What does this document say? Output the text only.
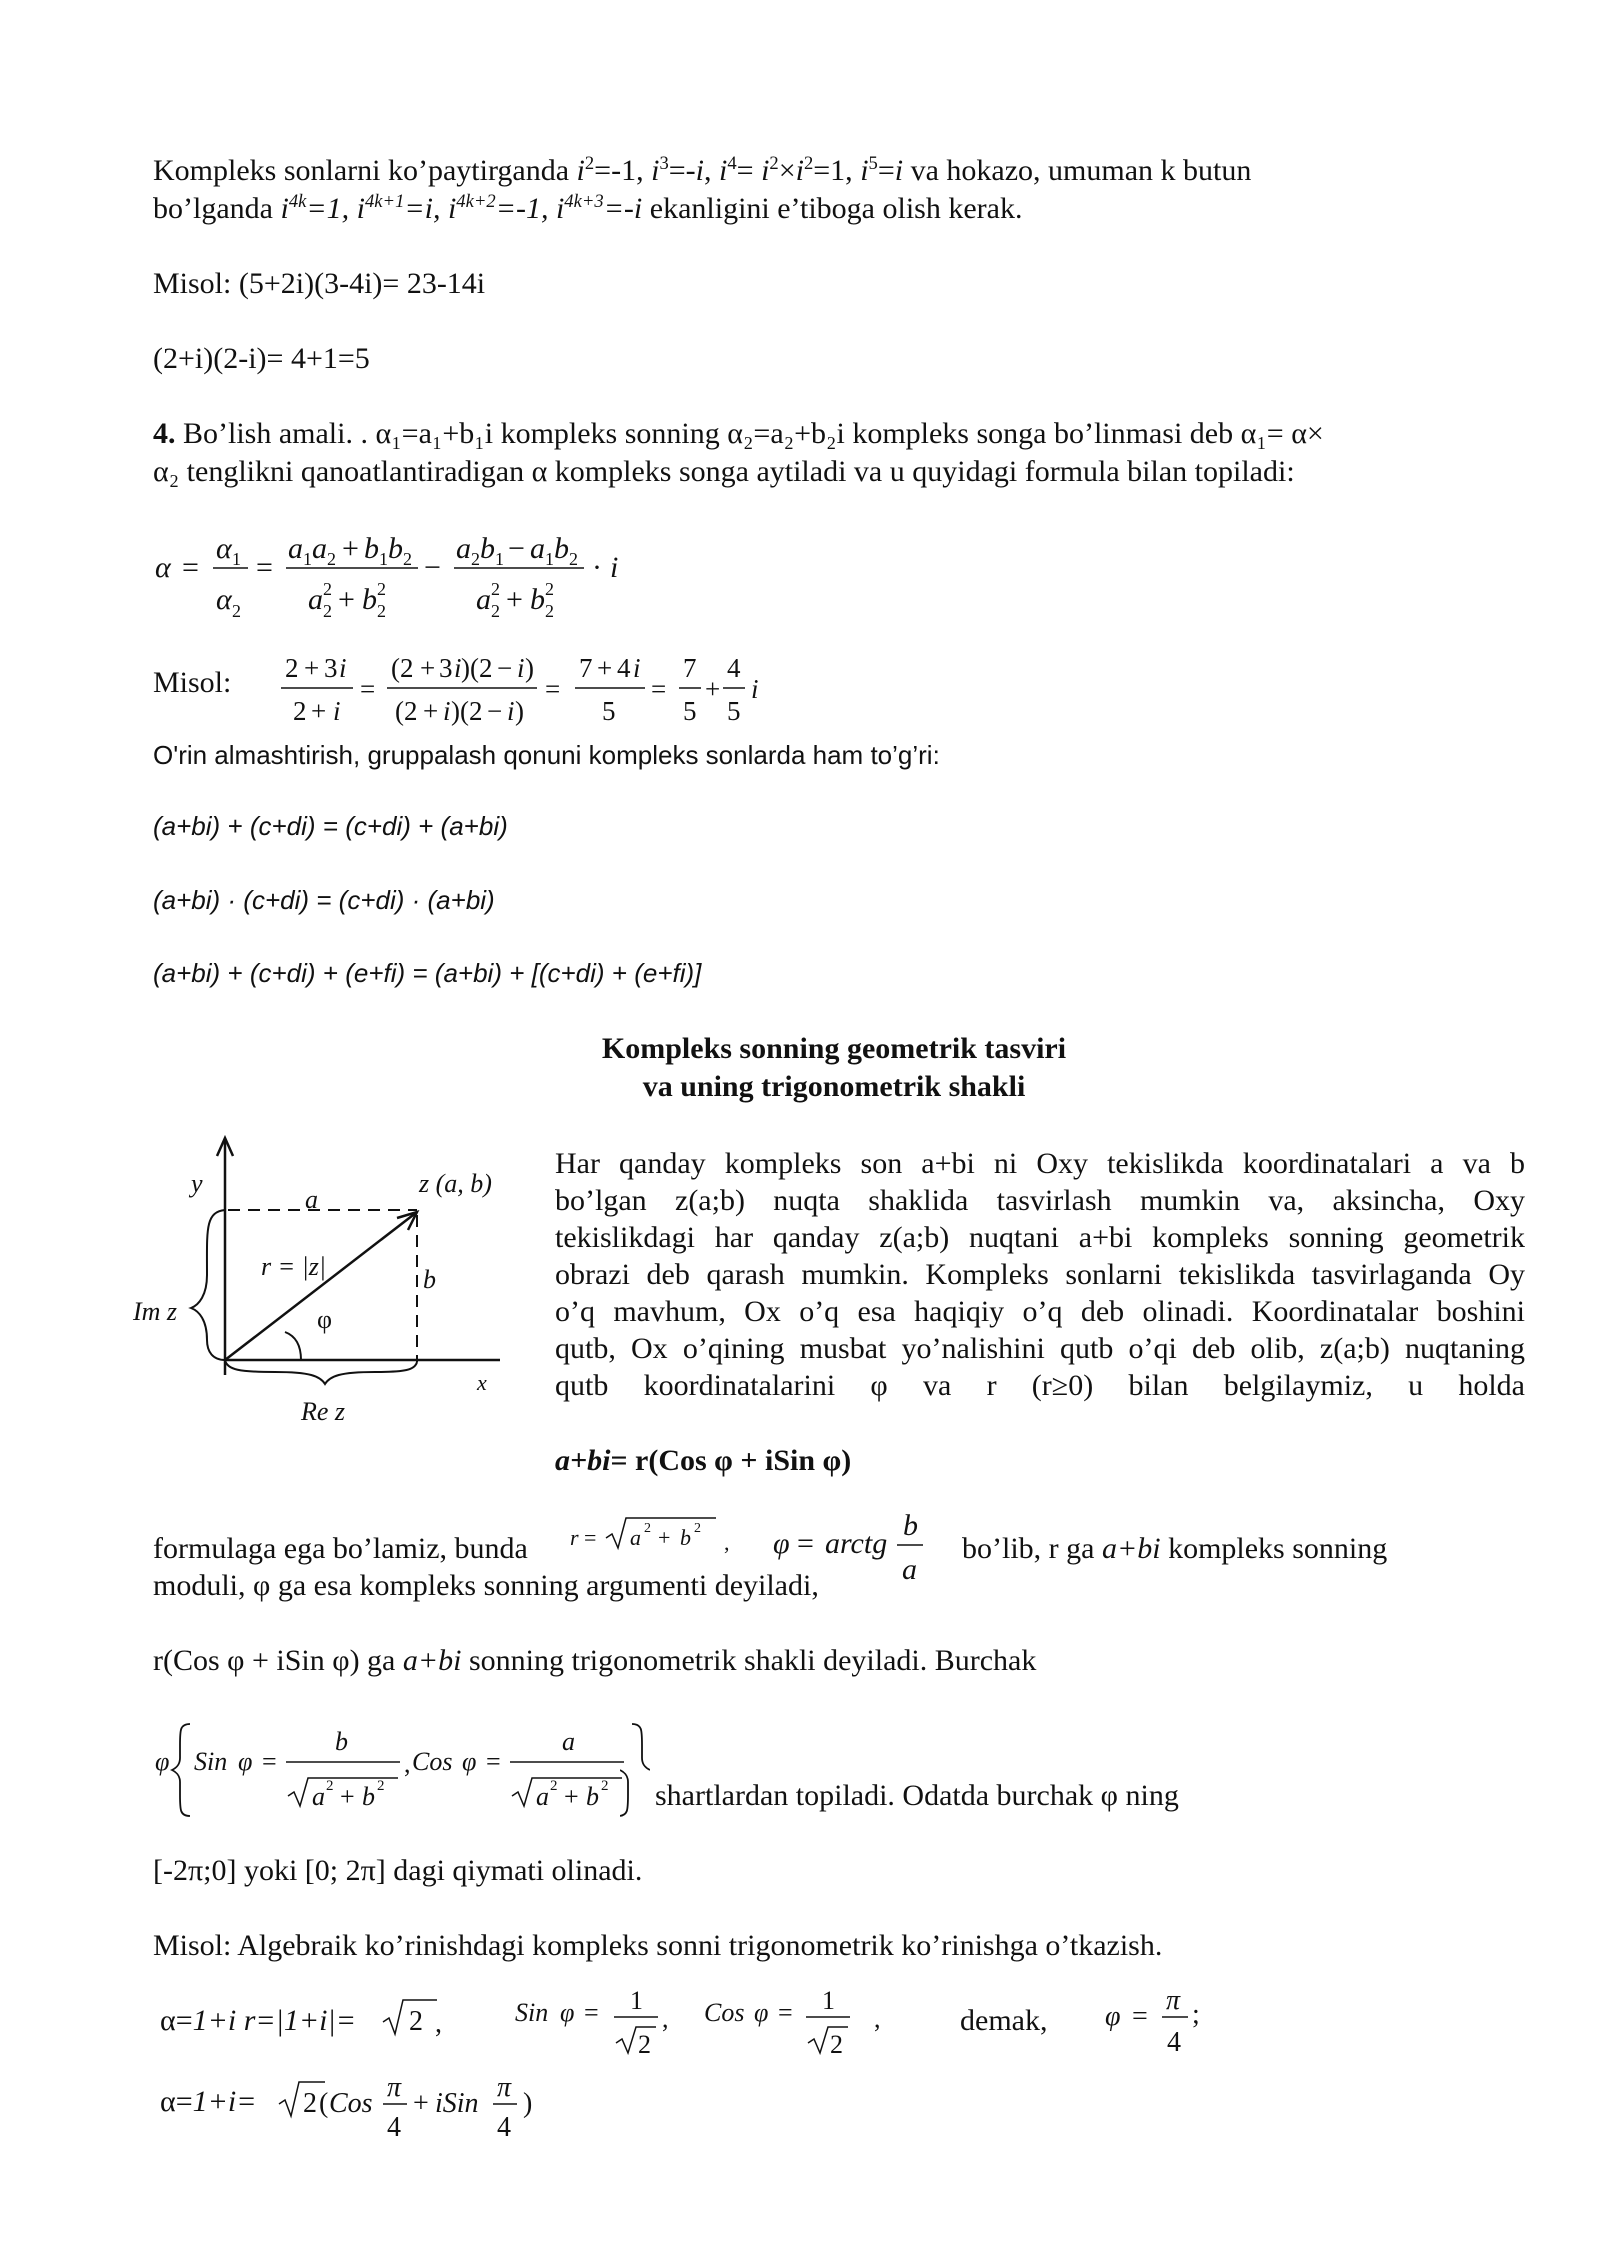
Kompleks sonlarni ko’paytirganda $i^2=-1$, $i^3=-i$, $i^4= i^2\times i^2=1$, $i^5=i$ va hokazo, umuman k butun
bo’lganda $i^{4k}=1$, $i^{4k+1}=i$, $i^{4k+2}=-1$, $i^{4k+3}=-i$ ekanligini e’tiboga olish kerak.
Misol: (5+2i)(3-4i)= 23-14i
(2+i)(2-i)= 4+1=5
4. Bo’lish amali. . α₁=a₁+b₁i kompleks sonning α₂=a₂+b₂i kompleks songa bo’linmasi deb α₁= α×
α₂ tenglikni qanoatlantiradigan α kompleks songa aytiladi va u quyidagi formula bilan topiladi:
α =
α 1
α 2
=
a 1 a 2 + b 1 b 2
a 2
2 + b 2
2
−
a 2 b 1 − a 1 b 2
a 2
2 + b 2
2
· i
Misol: 2 + 3 i
2 + i
=
(2 + 3 i )(2 − i )
(2 + i )(2 − i )
=
7 + 4 i
5
=
7
5
+
4
5
i
O'rin almashtirish, gruppalash qonuni kompleks sonlarda ham to’g’ri:
(a+bi) + (c+di) = (c+di) + (a+bi)
(a+bi) · (c+di) = (c+di) · (a+bi)
(a+bi) + (c+di) + (e+fi) = (a+bi) + [(c+di) + (e+fi)]
Kompleks sonning geometrik tasviri
va uning trigonometrik shakli
y
a
z (a, b)
r = |z|	b
φ
Im z
Re z
x
Har qanday kompleks son a+bi ni Oxy tekislikda koordinatalari a va b
bo’lgan z(a;b) nuqta shaklida tasvirlash mumkin va, aksincha, Oxy
tekislikdagi har qanday z(a;b) nuqtani a+bi kompleks sonning geometrik
obrazi deb qarash mumkin. Kompleks sonlarni tekislikda tasvirlaganda Oy
o’q mavhum, Ox o’q esa haqiqiy o’q deb olinadi. Koordinatalar boshini
qutb, Ox o’qining musbat yo’nalishini qutb o’qi deb olib, z(a;b) nuqtaning
qutb koordinatalarini φ va r (r≥0) bilan belgilaymiz, u holda
a+bi= r(Cos φ + iSin φ)
formulaga ega bo’lamiz, bunda r = a 2 + b 2
, φ = arctg
b
a
bo’lib, r ga a+bi kompleks sonning
moduli, φ ga esa kompleks sonning argumenti deyiladi,
r(Cos φ + iSin φ) ga a+bi sonning trigonometrik shakli deyiladi. Burchak
φ Sin φ =
b
a 2 + b 2
, Cos φ =
a
a 2 + b 2 shartlardan topiladi. Odatda burchak φ ning
[-2π;0] yoki [0; 2π] dagi qiymati olinadi.
Misol: Algebraik ko’rinishdagi kompleks sonni trigonometrik ko’rinishga o’tkazish.
α=1+i r=|1+i|= 2 ,	Sin φ = 1
2
, Cos φ = 1
2
,	demak, φ =
π
4
;
α=1+i= 2 ( Cos
π
4
+ iSin
π
4
)
